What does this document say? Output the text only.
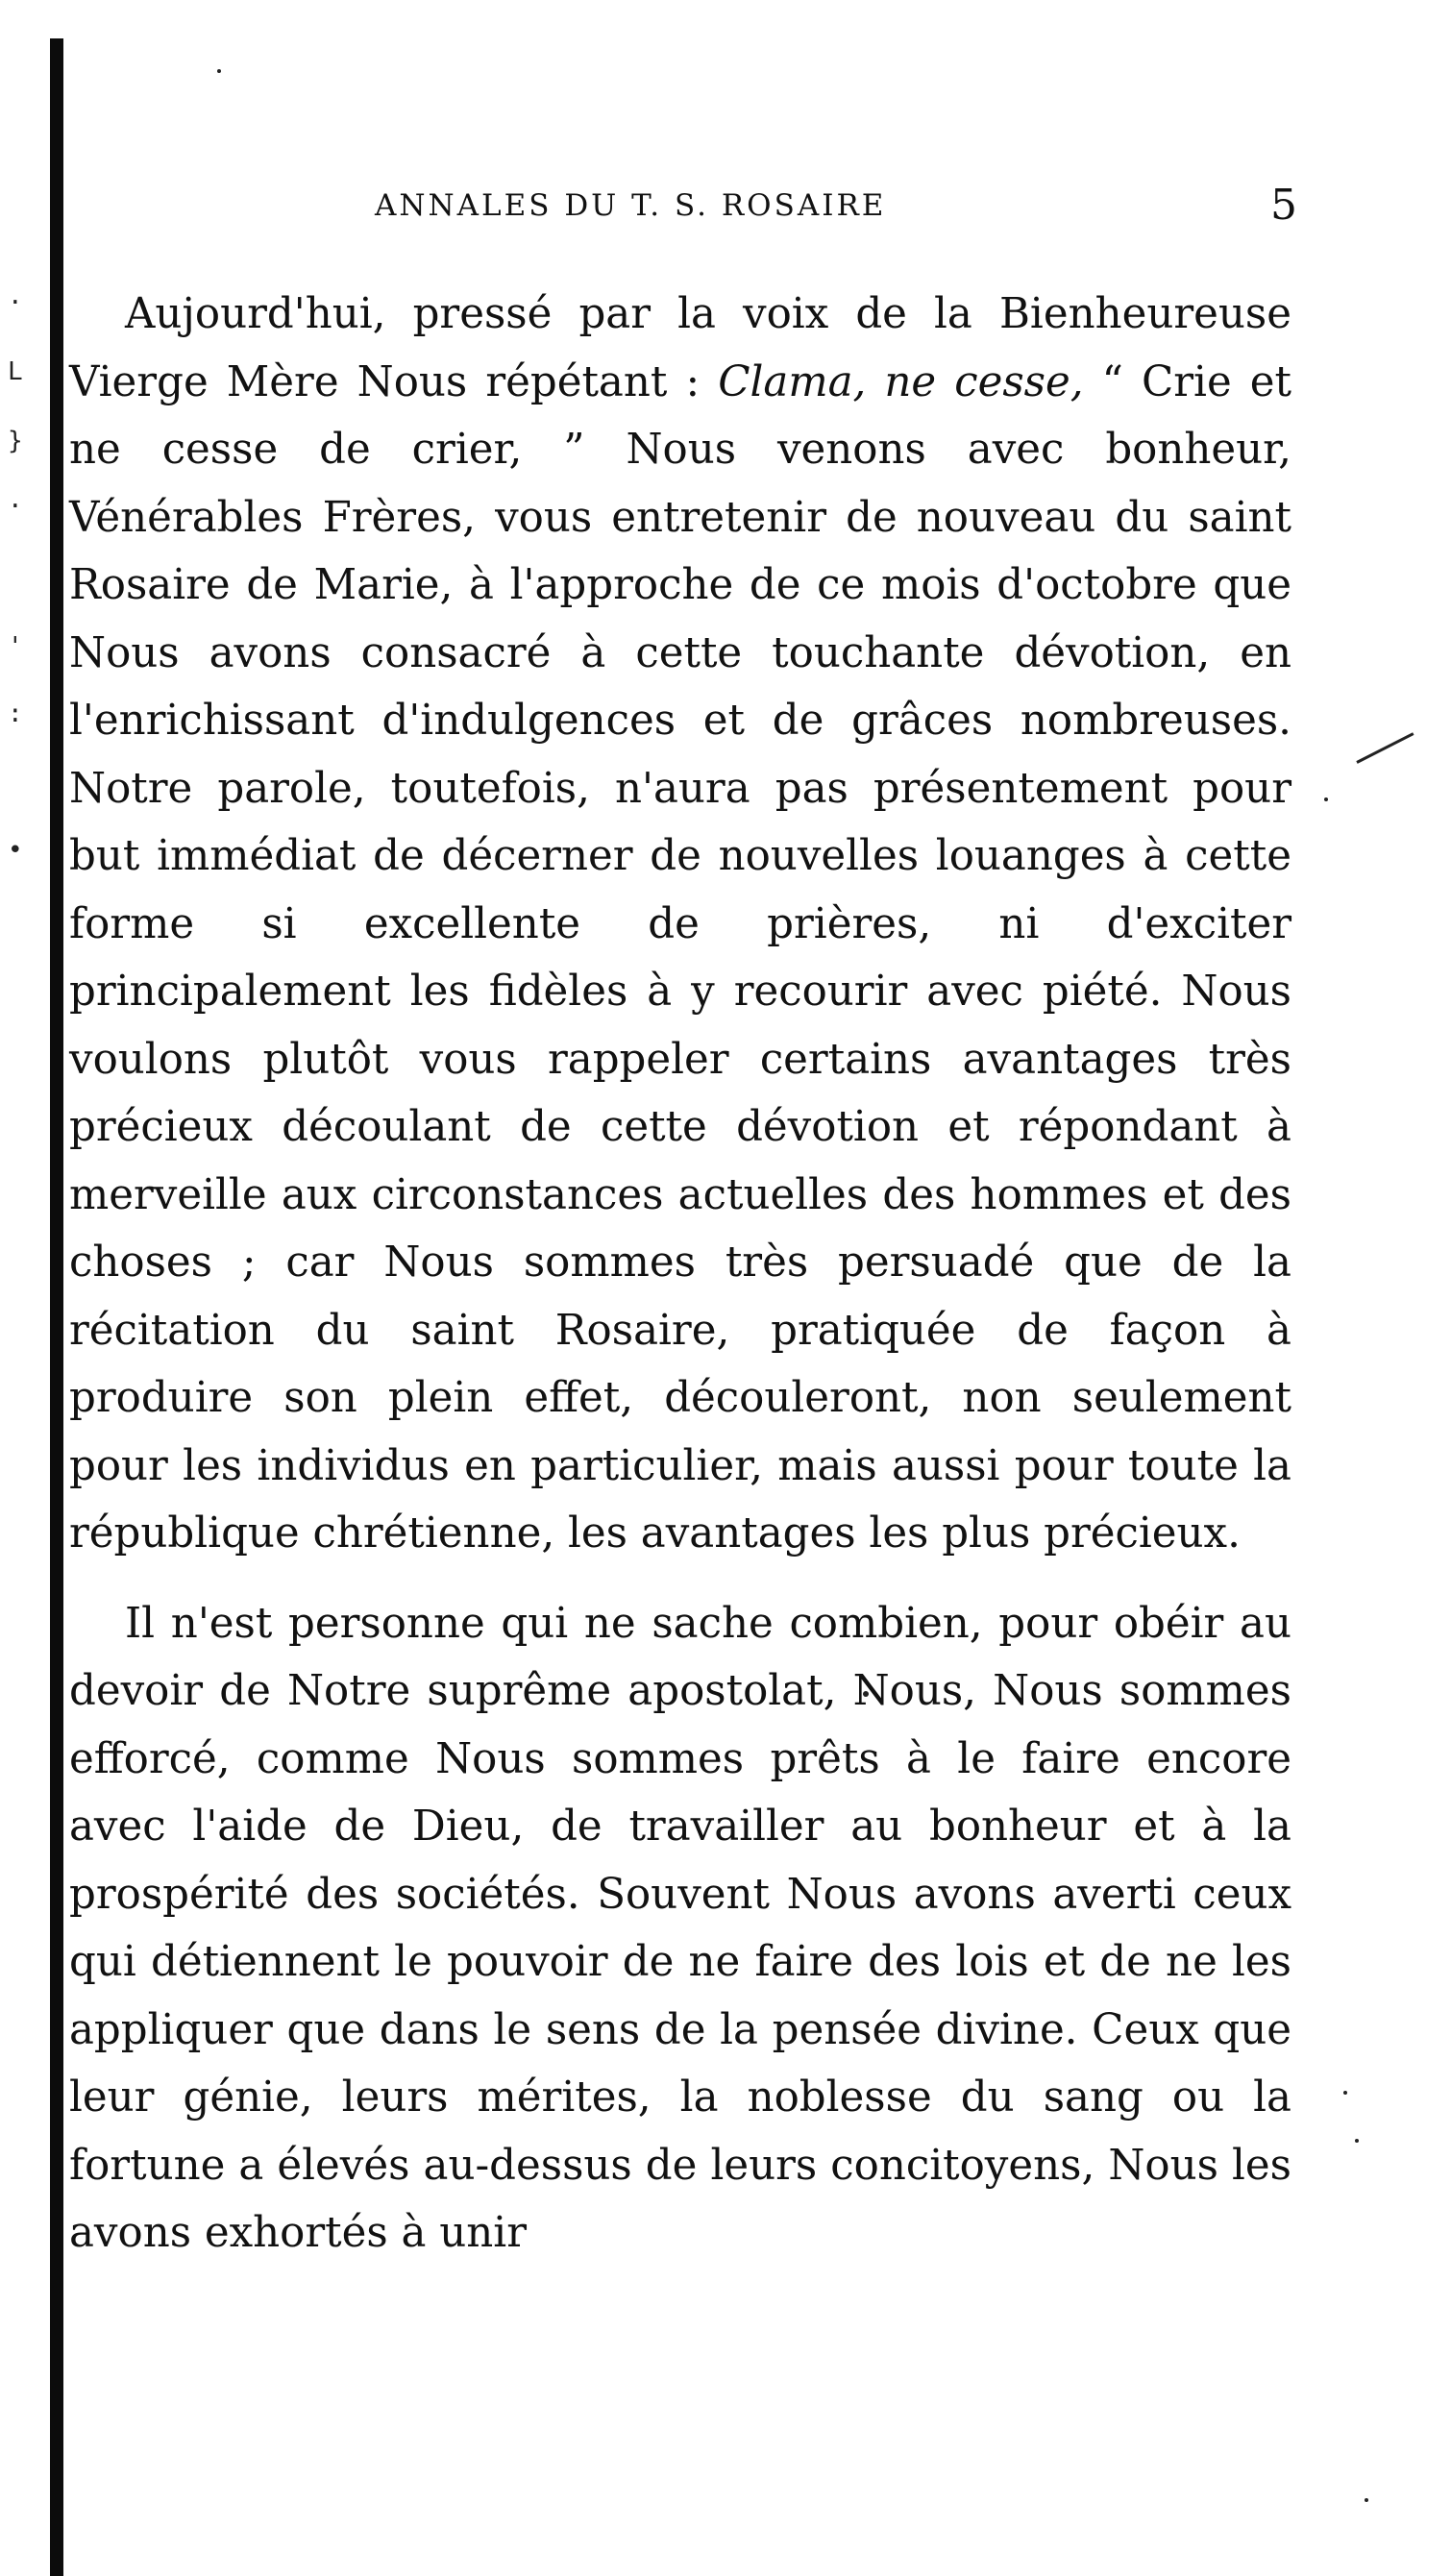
·
L
}
·
'
:
•
ANNALES DU T. S. ROSAIRE	5

Aujourd'hui, pressé par la voix de la Bienheureuse Vierge Mère Nous répétant : Clama, ne cesse, “ Crie et ne cesse de crier, ” Nous venons avec bonheur, Vénérables Frères, vous entretenir de nouveau du saint Rosaire de Marie, à l'approche de ce mois d'octobre que Nous avons consacré à cette touchante dévotion, en l'enrichissant d'indulgences et de grâces nombreuses. Notre parole, toutefois, n'aura pas présentement pour but immédiat de décerner de nouvelles louanges à cette forme si excellente de prières, ni d'exciter principalement les fidèles à y recourir avec piété. Nous voulons plutôt vous rappeler certains avantages très précieux découlant de cette dévotion et répondant à merveille aux circonstances actuelles des hommes et des choses ; car Nous sommes très persuadé que de la récitation du saint Rosaire, pratiquée de façon à produire son plein effet, découleront, non seulement pour les individus en particulier, mais aussi pour toute la république chrétienne, les avantages les plus précieux.

Il n'est personne qui ne sache combien, pour obéir au devoir de Notre suprême apostolat, Nous, Nous sommes efforcé, comme Nous sommes prêts à le faire encore avec l'aide de Dieu, de travailler au bonheur et à la prospérité des sociétés. Souvent Nous avons averti ceux qui détiennent le pouvoir de ne faire des lois et de ne les appliquer que dans le sens de la pensée divine. Ceux que leur génie, leurs mérites, la noblesse du sang ou la fortune a élevés au-dessus de leurs concitoyens, Nous les avons exhortés à unir
